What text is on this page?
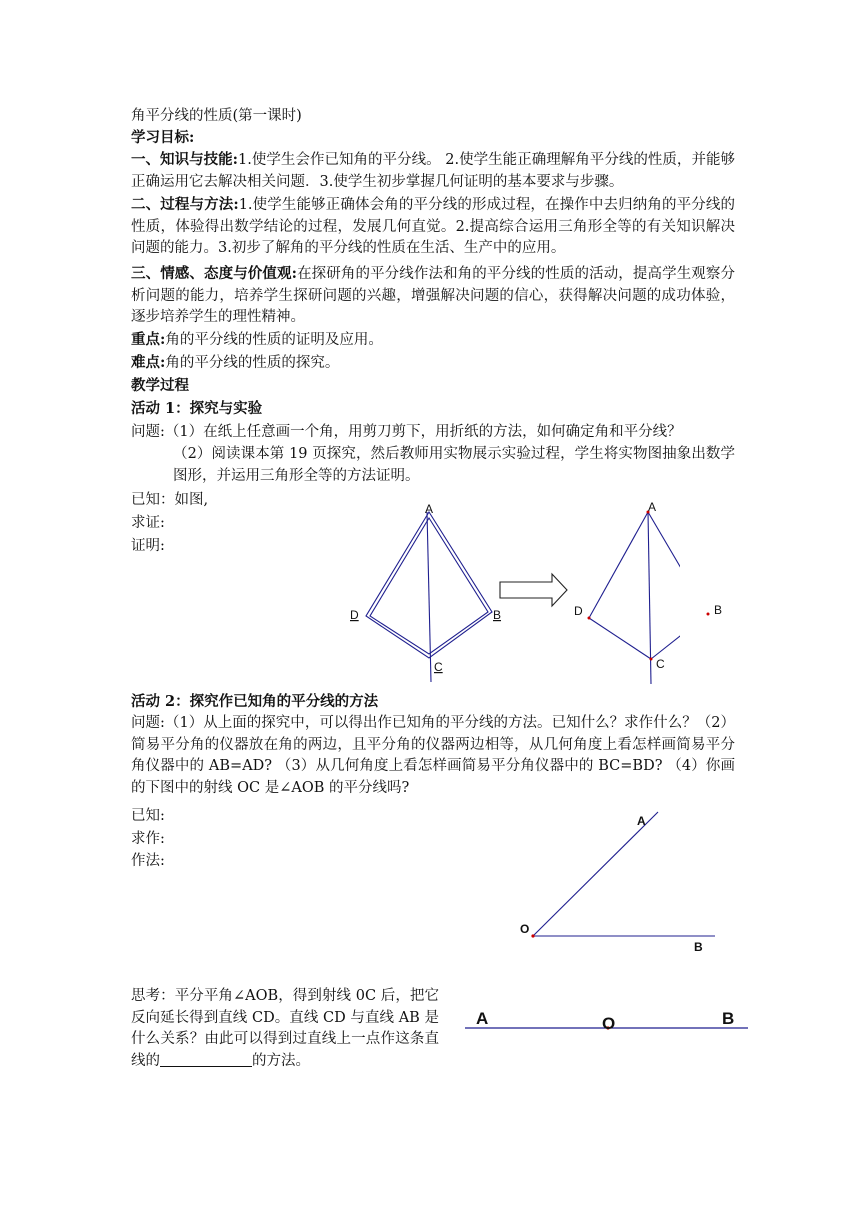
角平分线的性质(第一课时)
学习目标:

一、知识与技能:1.使学生会作已知角的平分线。 2.使学生能正确理解角平分线的性质，并能够正确运用它去解决相关问题．3.使学生初步掌握几何证明的基本要求与步骤。

二、过程与方法:1.使学生能够正确体会角的平分线的形成过程，在操作中去归纳角的平分线的性质，体验得出数学结论的过程，发展几何直觉。2.提高综合运用三角形全等的有关知识解决问题的能力。3.初步了解角的平分线的性质在生活、生产中的应用。

三、情感、态度与价值观:在探研角的平分线作法和角的平分线的性质的活动，提高学生观察分析问题的能力，培养学生探研问题的兴趣，增强解决问题的信心，获得解决问题的成功体验，逐步培养学生的理性精神。

重点:角的平分线的性质的证明及应用。
难点:角的平分线的性质的探究。
教学过程
活动 1：探究与实验
问题:（1）在纸上任意画一个角，用剪刀剪下，用折纸的方法，如何确定角和平分线？

（2）阅读课本第 19 页探究，然后教师用实物展示实验过程，学生将实物图抽象出数学图形，并运用三角形全等的方法证明。

已知：如图,
求证:
证明:
A
D	B
C
A
D
C
B
活动 2：探究作已知角的平分线的方法

问题:（1）从上面的探究中，可以得出作已知角的平分线的方法。已知什么？求作什么？（2）简易平分角的仪器放在角的两边，且平分角的仪器两边相等，从几何角度上看怎样画简易平分角仪器中的 AB=AD? （3）从几何角度上看怎样画简易平分角仪器中的 BC=BD? （4）你画的下图中的射线 OC 是∠AOB 的平分线吗?

已知:
求作:
作法:
A
O
B

思考：平分平角∠AOB，得到射线 0C 后，把它反向延长得到直线 CD。直线 CD 与直线 AB 是什么关系？由此可以得到过直线上一点作这条直线的	的方法。

A	O	B
